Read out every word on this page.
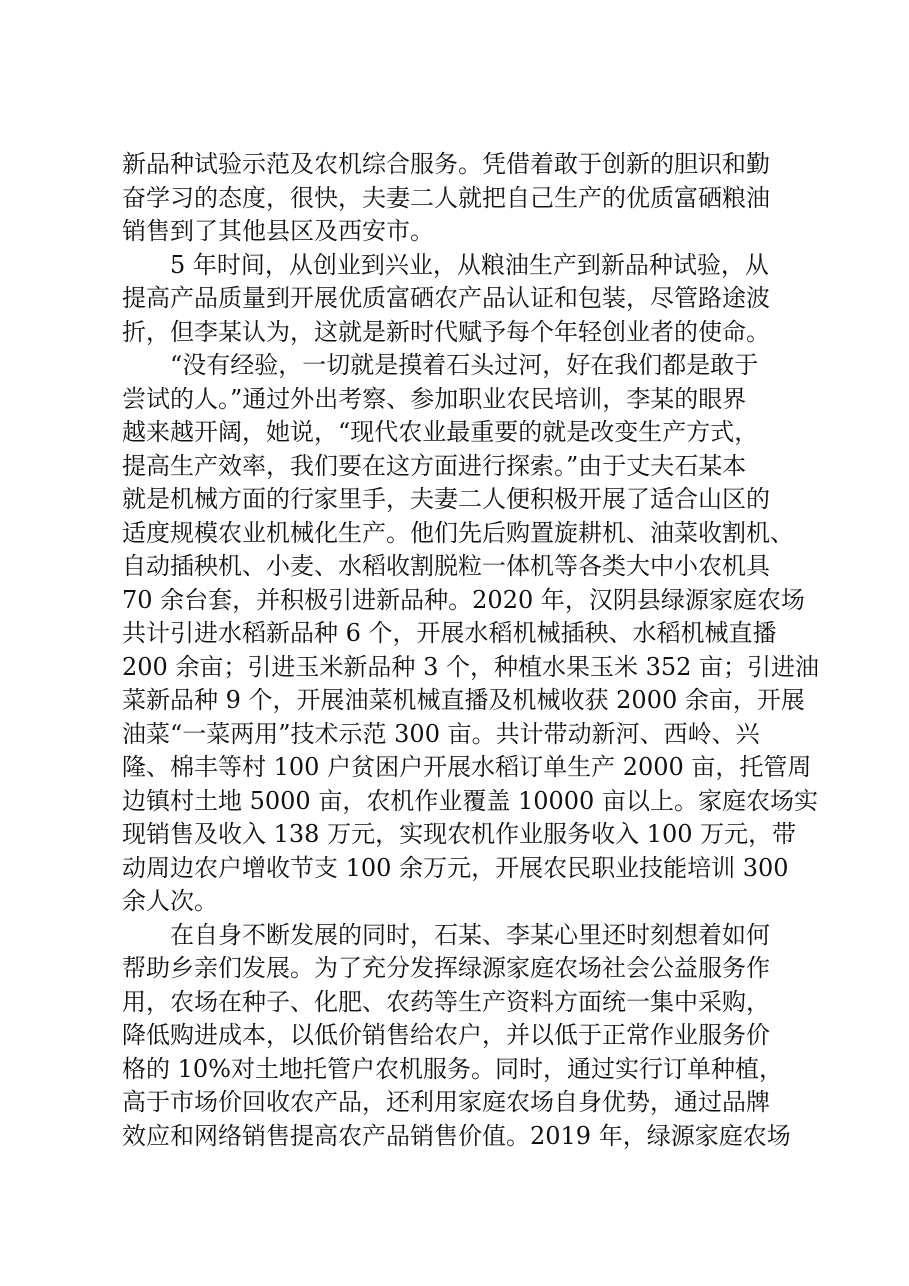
新品种试验示范及农机综合服务。凭借着敢于创新的胆识和勤
奋学习的态度，很快，夫妻二人就把自己生产的优质富硒粮油
销售到了其他县区及西安市。
　　5 年时间，从创业到兴业，从粮油生产到新品种试验，从
提高产品质量到开展优质富硒农产品认证和包装，尽管路途波
折，但李某认为，这就是新时代赋予每个年轻创业者的使命。
　　“没有经验，一切就是摸着石头过河，好在我们都是敢于
尝试的人。”通过外出考察、参加职业农民培训，李某的眼界
越来越开阔，她说，“现代农业最重要的就是改变生产方式，
提高生产效率，我们要在这方面进行探索。”由于丈夫石某本
就是机械方面的行家里手，夫妻二人便积极开展了适合山区的
适度规模农业机械化生产。他们先后购置旋耕机、油菜收割机、
自动插秧机、小麦、水稻收割脱粒一体机等各类大中小农机具
70 余台套，并积极引进新品种。2020 年，汉阴县绿源家庭农场
共计引进水稻新品种 6 个，开展水稻机械插秧、水稻机械直播
200 余亩；引进玉米新品种 3 个，种植水果玉米 352 亩；引进油
菜新品种 9 个，开展油菜机械直播及机械收获 2000 余亩，开展
油菜“一菜两用”技术示范 300 亩。共计带动新河、西岭、兴
隆、棉丰等村 100 户贫困户开展水稻订单生产 2000 亩，托管周
边镇村土地 5000 亩，农机作业覆盖 10000 亩以上。家庭农场实
现销售及收入 138 万元，实现农机作业服务收入 100 万元，带
动周边农户增收节支 100 余万元，开展农民职业技能培训 300
余人次。
　　在自身不断发展的同时，石某、李某心里还时刻想着如何
帮助乡亲们发展。为了充分发挥绿源家庭农场社会公益服务作
用，农场在种子、化肥、农药等生产资料方面统一集中采购，
降低购进成本，以低价销售给农户，并以低于正常作业服务价
格的 10%对土地托管户农机服务。同时，通过实行订单种植，
高于市场价回收农产品，还利用家庭农场自身优势，通过品牌
效应和网络销售提高农产品销售价值。2019 年，绿源家庭农场
